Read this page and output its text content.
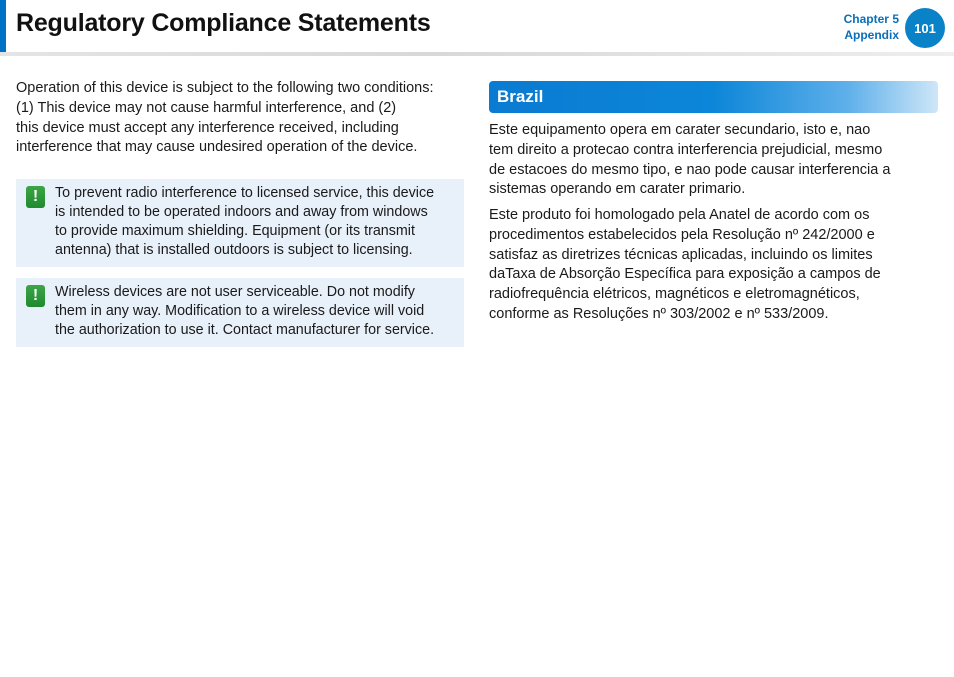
Regulatory Compliance Statements	Chapter 5
Appendix	101

Operation of this device is subject to the following two conditions:
(1) This device may not cause harmful interference, and (2)
this device must accept any interference received, including
interference that may cause undesired operation of the device.

!	To prevent radio interference to licensed service, this device
is intended to be operated indoors and away from windows
to provide maximum shielding. Equipment (or its transmit
antenna) that is installed outdoors is subject to licensing.

!	Wireless devices are not user serviceable. Do not modify
them in any way. Modification to a wireless device will void
the authorization to use it. Contact manufacturer for service.

Brazil

Este equipamento opera em carater secundario, isto e, nao
tem direito a protecao contra interferencia prejudicial, mesmo
de estacoes do mesmo tipo, e nao pode causar interferencia a
sistemas operando em carater primario.

Este produto foi homologado pela Anatel de acordo com os
procedimentos estabelecidos pela Resolução nº 242/2000 e
satisfaz as diretrizes técnicas aplicadas, incluindo os limites
daTaxa de Absorção Específica para exposição a campos de
radiofrequência elétricos, magnéticos e eletromagnéticos,
conforme as Resoluções nº 303/2002 e nº 533/2009.
